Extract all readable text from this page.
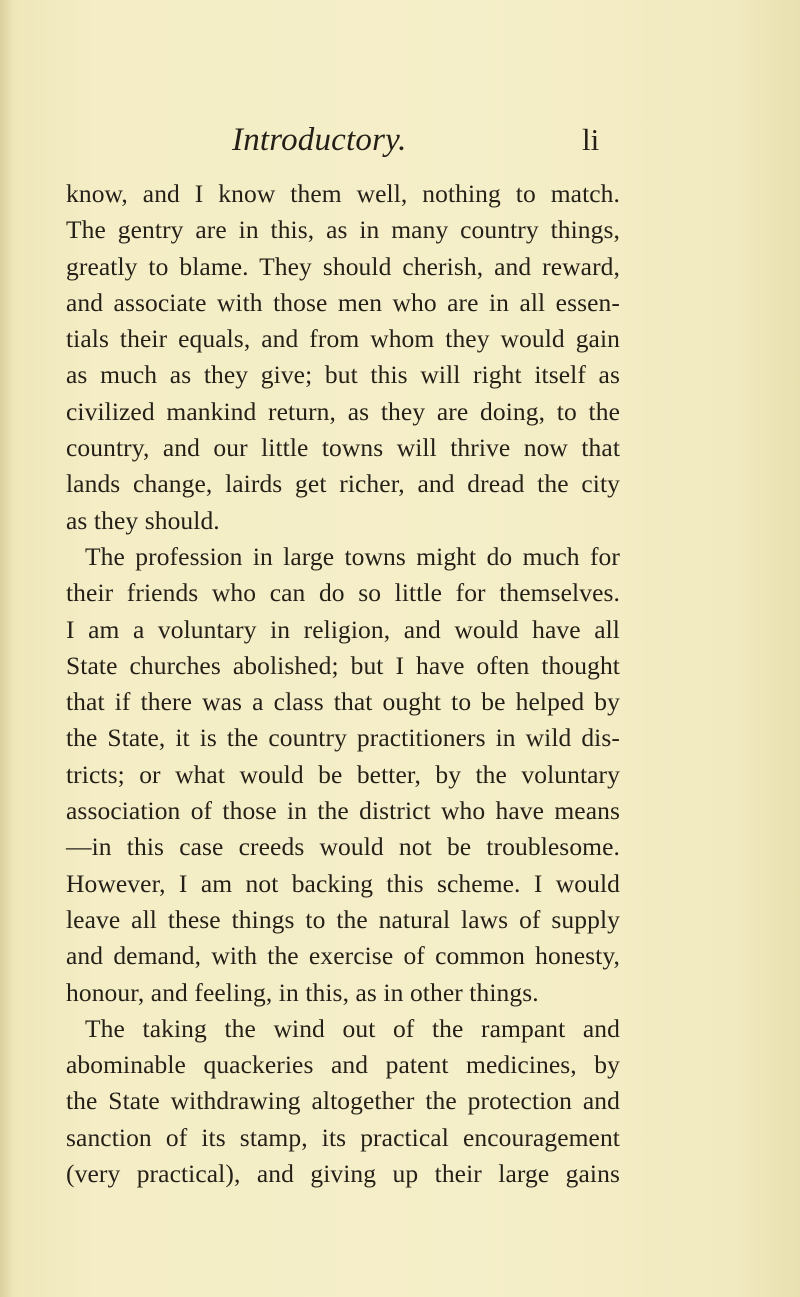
Introductory.	li
know, and I know them well, nothing to match.
The gentry are in this, as in many country things,
greatly to blame. They should cherish, and reward,
and associate with those men who are in all essen-
tials their equals, and from whom they would gain
as much as they give; but this will right itself as
civilized mankind return, as they are doing, to the
country, and our little towns will thrive now that
lands change, lairds get richer, and dread the city
as they should.
The profession in large towns might do much for
their friends who can do so little for themselves.
I am a voluntary in religion, and would have all
State churches abolished; but I have often thought
that if there was a class that ought to be helped by
the State, it is the country practitioners in wild dis-
tricts; or what would be better, by the voluntary
association of those in the district who have means
—in this case creeds would not be troublesome.
However, I am not backing this scheme. I would
leave all these things to the natural laws of supply
and demand, with the exercise of common honesty,
honour, and feeling, in this, as in other things.
The taking the wind out of the rampant and
abominable quackeries and patent medicines, by
the State withdrawing altogether the protection and
sanction of its stamp, its practical encouragement
(very practical), and giving up their large gains
